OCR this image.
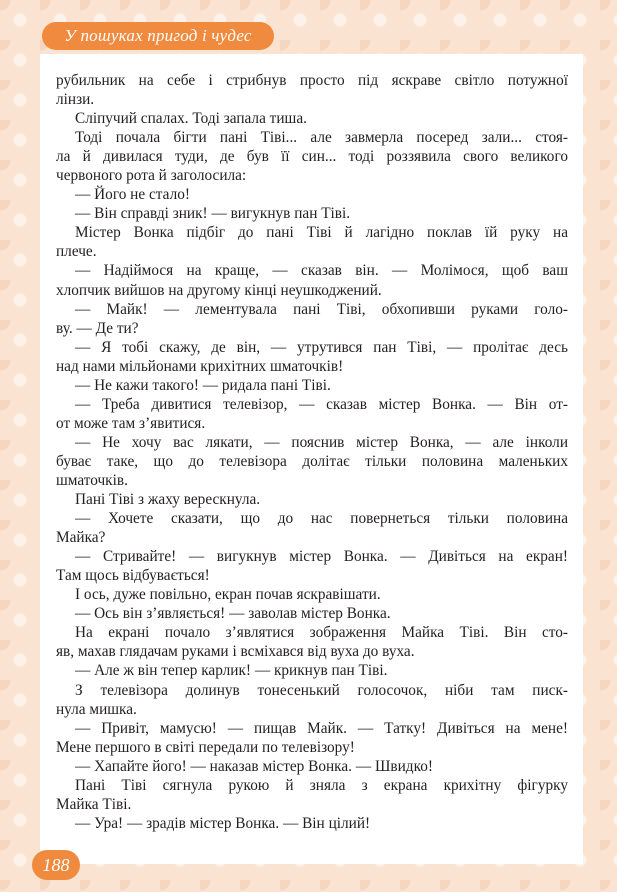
У пошуках пригод і чудес
рубильник на себе і стрибнув просто під яскраве світло потужної
лінзи.
Сліпучий спалах. Тоді запала тиша.
Тоді почала бігти пані Тіві... але завмерла посеред зали... стоя-
ла й дивилася туди, де був її син... тоді роззявила свого великого
червоного рота й заголосила:
— Його не стало!
— Він справді зник! — вигукнув пан Тіві.
Містер Вонка підбіг до пані Тіві й лагідно поклав їй руку на
плече.
— Надіймося на краще, — сказав він. — Молімося, щоб ваш
хлопчик вийшов на другому кінці неушкоджений.
— Майк! — лементувала пані Тіві, обхопивши руками голо-
ву. — Де ти?
— Я тобі скажу, де він, — утрутився пан Тіві, — пролітає десь
над нами мільйонами крихітних шматочків!
— Не кажи такого! — ридала пані Тіві.
— Треба дивитися телевізор, — сказав містер Вонка. — Він от-
от може там з’явитися.
— Не хочу вас лякати, — пояснив містер Вонка, — але інколи
буває таке, що до телевізора долітає тільки половина маленьких
шматочків.
Пані Тіві з жаху верескнула.
— Хочете сказати, що до нас повернеться тільки половина
Майка?
— Стривайте! — вигукнув містер Вонка. — Дивіться на екран!
Там щось відбувається!
І ось, дуже повільно, екран почав яскравішати.
— Ось він з’являється! — заволав містер Вонка.
На екрані почало з’являтися зображення Майка Тіві. Він сто-
яв, махав глядачам руками і всміхався від вуха до вуха.
— Але ж він тепер карлик! — крикнув пан Тіві.
З телевізора долинув тонесенький голосочок, ніби там писк-
нула мишка.
— Привіт, мамусю! — пищав Майк. — Татку! Дивіться на мене!
Мене першого в світі передали по телевізору!
— Хапайте його! — наказав містер Вонка. — Швидко!
Пані Тіві сягнула рукою й зняла з екрана крихітну фігурку
Майка Тіві.
— Ура! — зрадів містер Вонка. — Він цілий!
188
